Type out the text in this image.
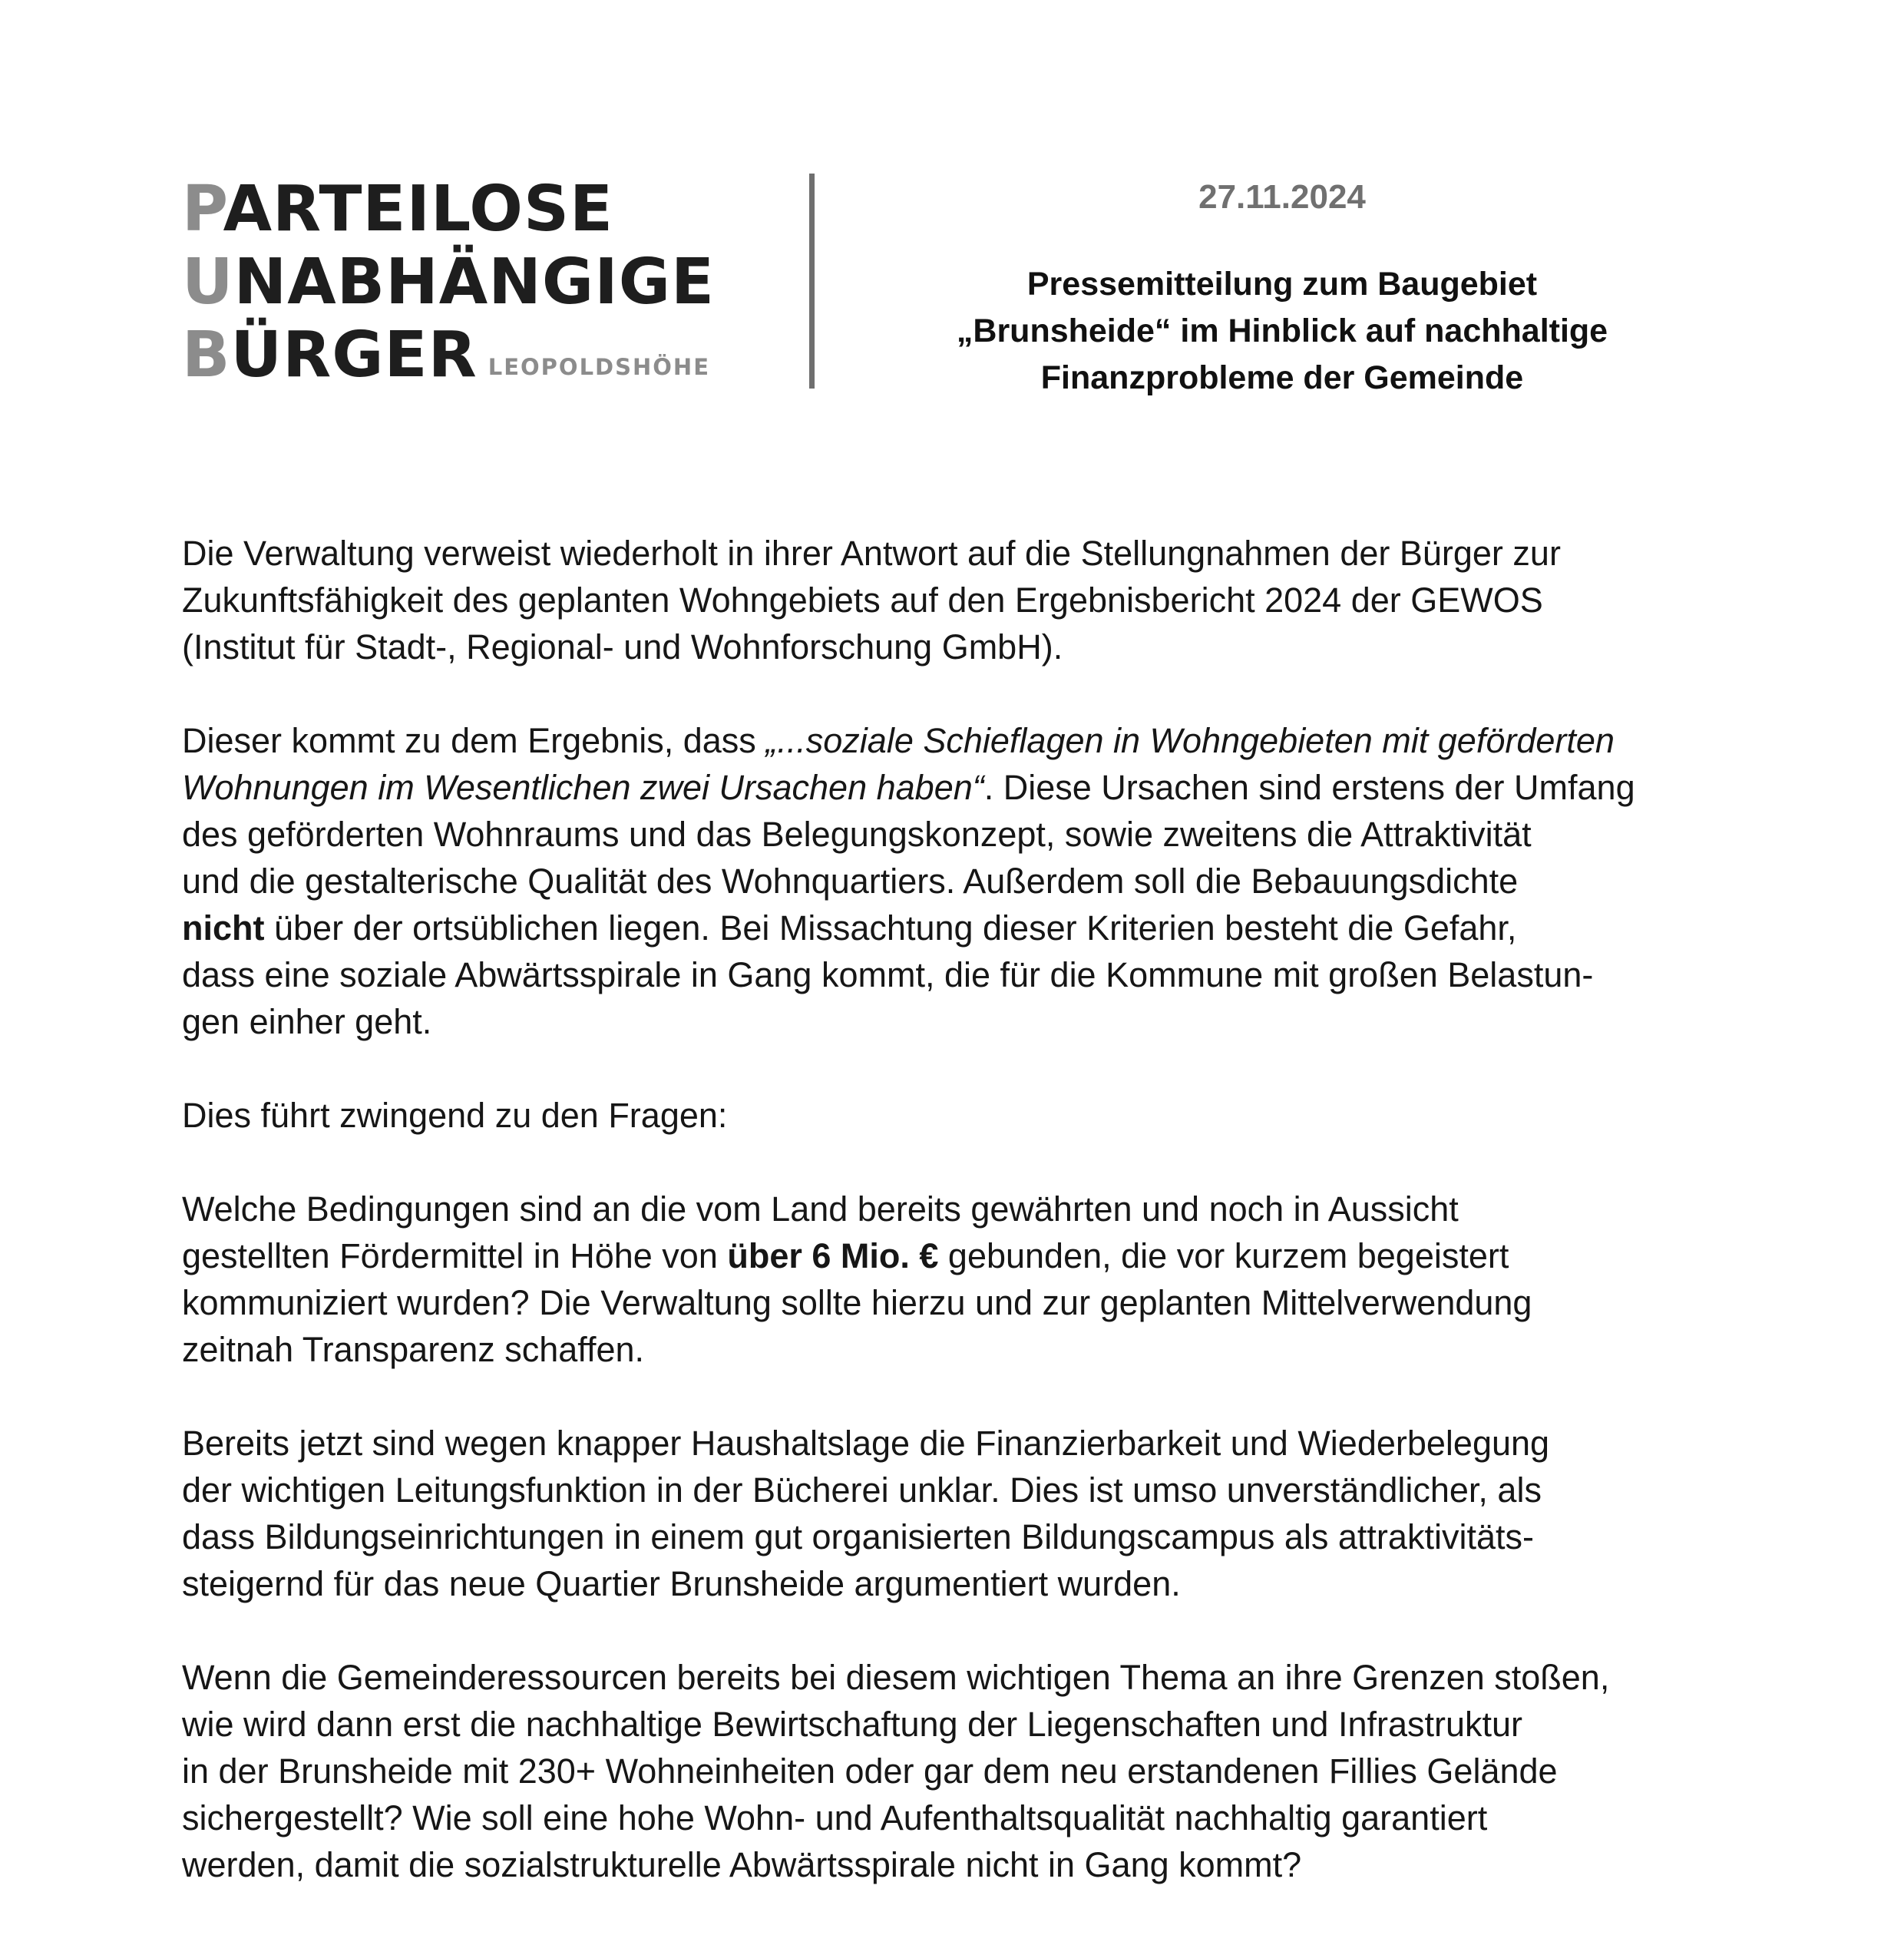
PARTEILOSE
UNABHÄNGIGE
BÜRGER LEOPOLDSHÖHE
27.11.2024
Pressemitteilung zum Baugebiet
„Brunsheide“ im Hinblick auf nachhaltige
Finanzprobleme der Gemeinde

Die Verwaltung verweist wiederholt in ihrer Antwort auf die Stellungnahmen der Bürger zur
Zukunftsfähigkeit des geplanten Wohngebiets auf den Ergebnisbericht 2024 der GEWOS
(Institut für Stadt-, Regional- und Wohnforschung GmbH).

Dieser kommt zu dem Ergebnis, dass „...soziale Schieflagen in Wohngebieten mit geförderten
Wohnungen im Wesentlichen zwei Ursachen haben“. Diese Ursachen sind erstens der Umfang
des geförderten Wohnraums und das Belegungskonzept, sowie zweitens die Attraktivität
und die gestalterische Qualität des Wohnquartiers. Außerdem soll die Bebauungsdichte
nicht über der ortsüblichen liegen. Bei Missachtung dieser Kriterien besteht die Gefahr,
dass eine soziale Abwärtsspirale in Gang kommt, die für die Kommune mit großen Belastun-
gen einher geht.

Dies führt zwingend zu den Fragen:

Welche Bedingungen sind an die vom Land bereits gewährten und noch in Aussicht
gestellten Fördermittel in Höhe von über 6 Mio. € gebunden, die vor kurzem begeistert
kommuniziert wurden? Die Verwaltung sollte hierzu und zur geplanten Mittelverwendung
zeitnah Transparenz schaffen.

Bereits jetzt sind wegen knapper Haushaltslage die Finanzierbarkeit und Wiederbelegung
der wichtigen Leitungsfunktion in der Bücherei unklar. Dies ist umso unverständlicher, als
dass Bildungseinrichtungen in einem gut organisierten Bildungscampus als attraktivitäts-
steigernd für das neue Quartier Brunsheide argumentiert wurden.

Wenn die Gemeinderessourcen bereits bei diesem wichtigen Thema an ihre Grenzen stoßen,
wie wird dann erst die nachhaltige Bewirtschaftung der Liegenschaften und Infrastruktur
in der Brunsheide mit 230+ Wohneinheiten oder gar dem neu erstandenen Fillies Gelände
sichergestellt? Wie soll eine hohe Wohn- und Aufenthaltsqualität nachhaltig garantiert
werden, damit die sozialstrukturelle Abwärtsspirale nicht in Gang kommt?
